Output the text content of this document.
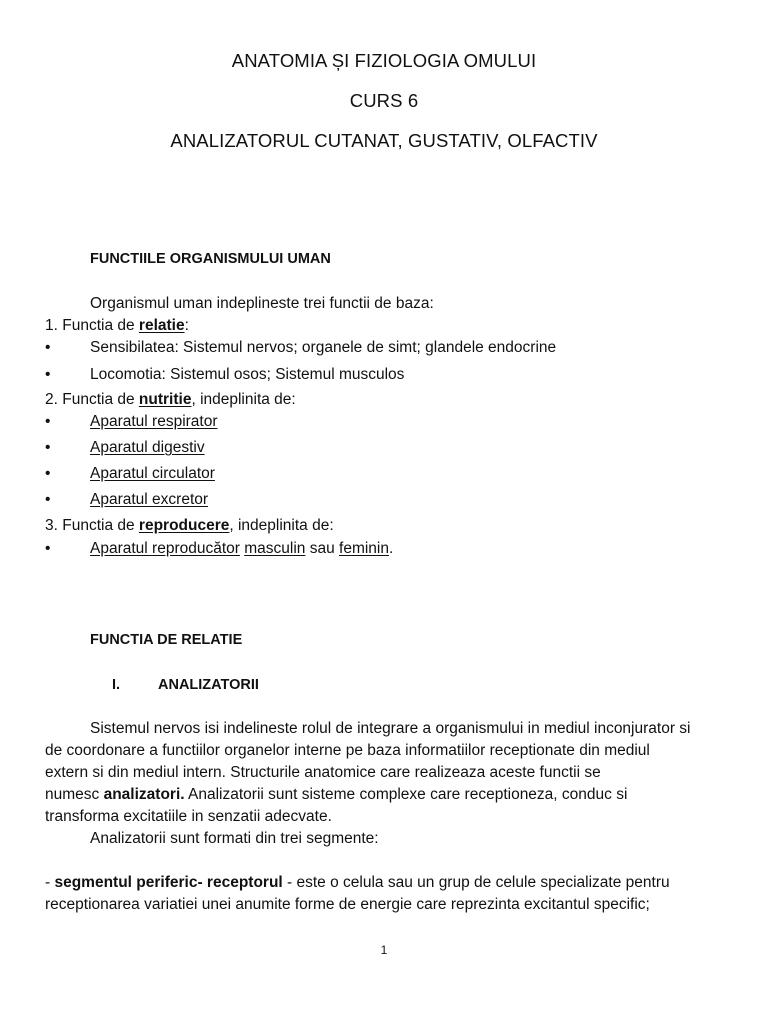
ANATOMIA ȘI FIZIOLOGIA OMULUI
CURS 6
ANALIZATORUL CUTANAT, GUSTATIV, OLFACTIV
FUNCTIILE ORGANISMULUI UMAN
Organismul uman indeplineste trei functii de baza:
1. Functia de relatie:
•	Sensibilatea: Sistemul nervos; organele de simt; glandele endocrine
•	Locomotia: Sistemul osos; Sistemul musculos
2. Functia de nutritie, indeplinita de:
•	Aparatul respirator
•	Aparatul digestiv
•	Aparatul circulator
•	Aparatul excretor
3. Functia de reproducere, indeplinita de:
•	Aparatul reproducător masculin sau feminin.
FUNCTIA DE RELATIE
I.	ANALIZATORII
Sistemul nervos isi indelineste rolul de integrare a organismului in mediul inconjurator si
de coordonare a functiilor organelor interne pe baza informatiilor receptionate din mediul
extern si din mediul intern. Structurile anatomice care realizeaza aceste functii se
numesc analizatori. Analizatorii sunt sisteme complexe care receptioneza, conduc si
transforma excitatiile in senzatii adecvate.
Analizatorii sunt formati din trei segmente:
- segmentul periferic- receptorul - este o celula sau un grup de celule specializate pentru
receptionarea variatiei unei anumite forme de energie care reprezinta excitantul specific;
1
